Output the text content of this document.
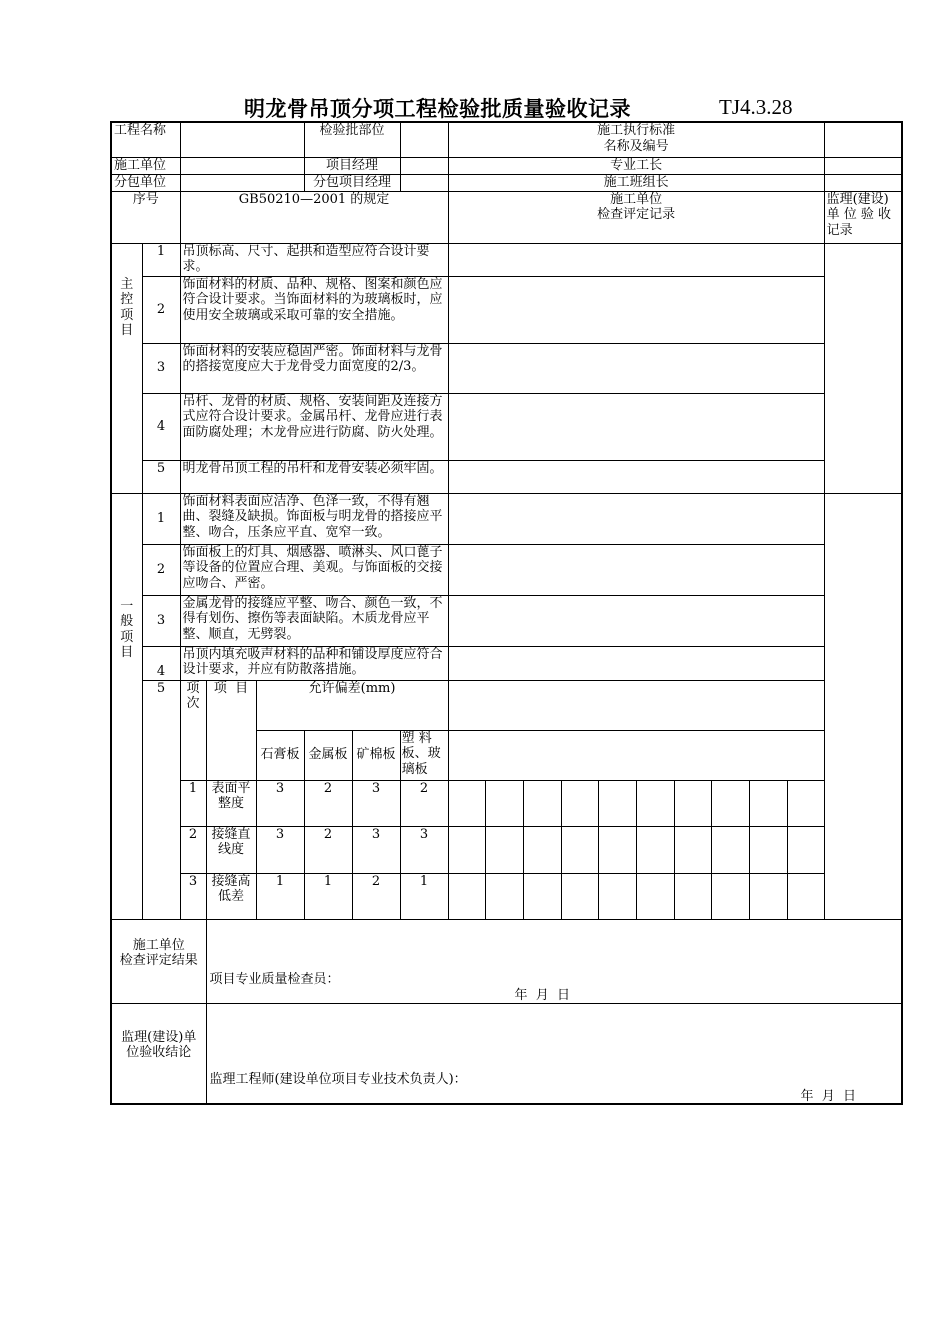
明龙骨吊顶分项工程检验批质量验收记录	TJ4.3.28
工程名称					检验批部位			施工执行标准
名称及编号										
施工单位					项目经理			专业工长										
分包单位					分包项目经理			施工班组长										
序号		GB50210—2001 的规定						施工单位
检查评定记录										监理(建设)
单 位 验 收
记录

主
控
项
目	1	吊顶标高、尺寸、起拱和造型应符合设计要求。																
	2	饰面材料的材质、品种、规格、图案和颜色应符合设计要求。当饰面材料的为玻璃板时，应使用安全玻璃或采取可靠的安全措施。																
	3	饰面材料的安装应稳固严密。饰面材料与龙骨的搭接宽度应大于龙骨受力面宽度的2/3。																
	4	吊杆、龙骨的材质、规格、安装间距及连接方式应符合设计要求。金属吊杆、龙骨应进行表面防腐处理；木龙骨应进行防腐、防火处理。																
	5	明龙骨吊顶工程的吊杆和龙骨安装必须牢固。																

一
般
项
目	1	饰面材料表面应洁净、色泽一致，不得有翘曲、裂缝及缺损。饰面板与明龙骨的搭接应平整、吻合，压条应平直、宽窄一致。																
	2	饰面板上的灯具、烟感器、喷淋头、风口蓖子等设备的位置应合理、美观。与饰面板的交接应吻合、严密。																
	3	金属龙骨的接缝应平整、吻合、颜色一致，不得有划伤、擦伤等表面缺陷。木质龙骨应平整、顺直，无劈裂。																
	4	吊顶内填充吸声材料的品种和铺设厚度应符合设计要求，并应有防散落措施。																
	5	项
次	项  目	允许偏差(mm)														
				石膏板	金属板	矿棉板	塑 料
板、玻
璃板											
		1	表面平
整度	3	2	3	2											
		2	接缝直
线度	3	2	3	3											
		3	接缝高
低差	1	1	2	1											
施工单位
检查评定结果			项目专业质量检查员：
年  月  日															

监理(建设)单
位验收结论			监理工程师(建设单位项目专业技术负责人)：
年  月  日															
